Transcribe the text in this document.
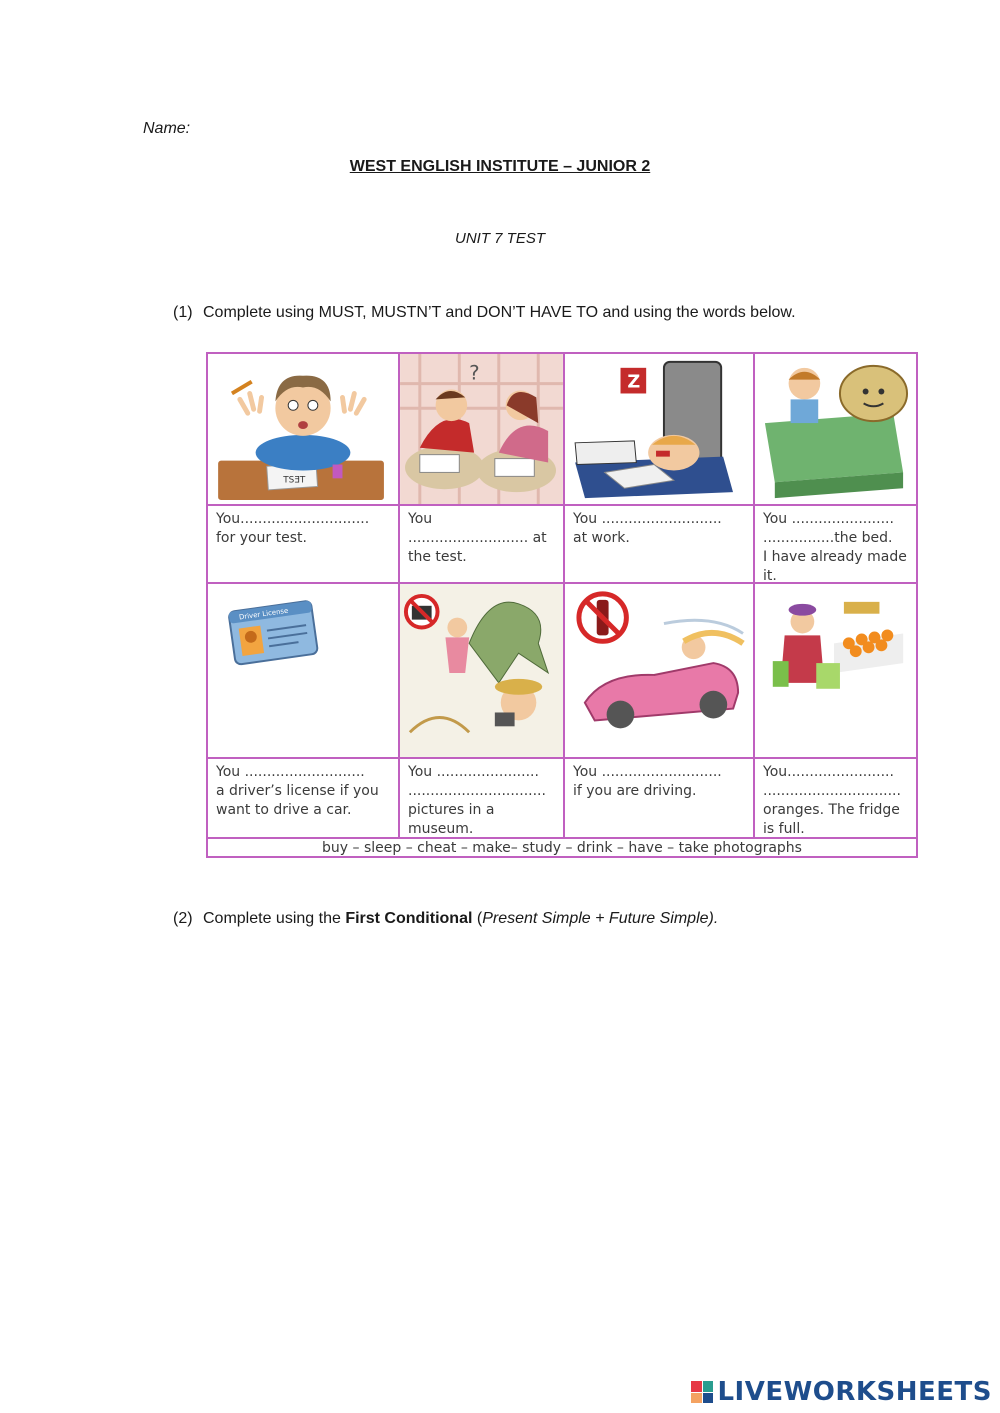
Name:
WEST ENGLISH INSTITUTE – JUNIOR 2
UNIT 7 TEST
(1) Complete using MUST, MUSTN’T and DON’T HAVE TO and using the words below.
TSƎT
?	Z
You.............................
for your test.
You
........................... at
the test.
You ...........................
at work.
You .......................
................the bed.
I have already made
it.
Driver License
You ...........................
a driver’s license if you
want to drive a car.
You .......................
...............................
pictures in a
museum.
You ...........................
if you are driving.
You........................
...............................
oranges. The fridge
is full.
buy – sleep – cheat – make– study – drink – have – take photographs
(2) Complete using the First Conditional (Present Simple + Future Simple).
LIVEWORKSHEETS
